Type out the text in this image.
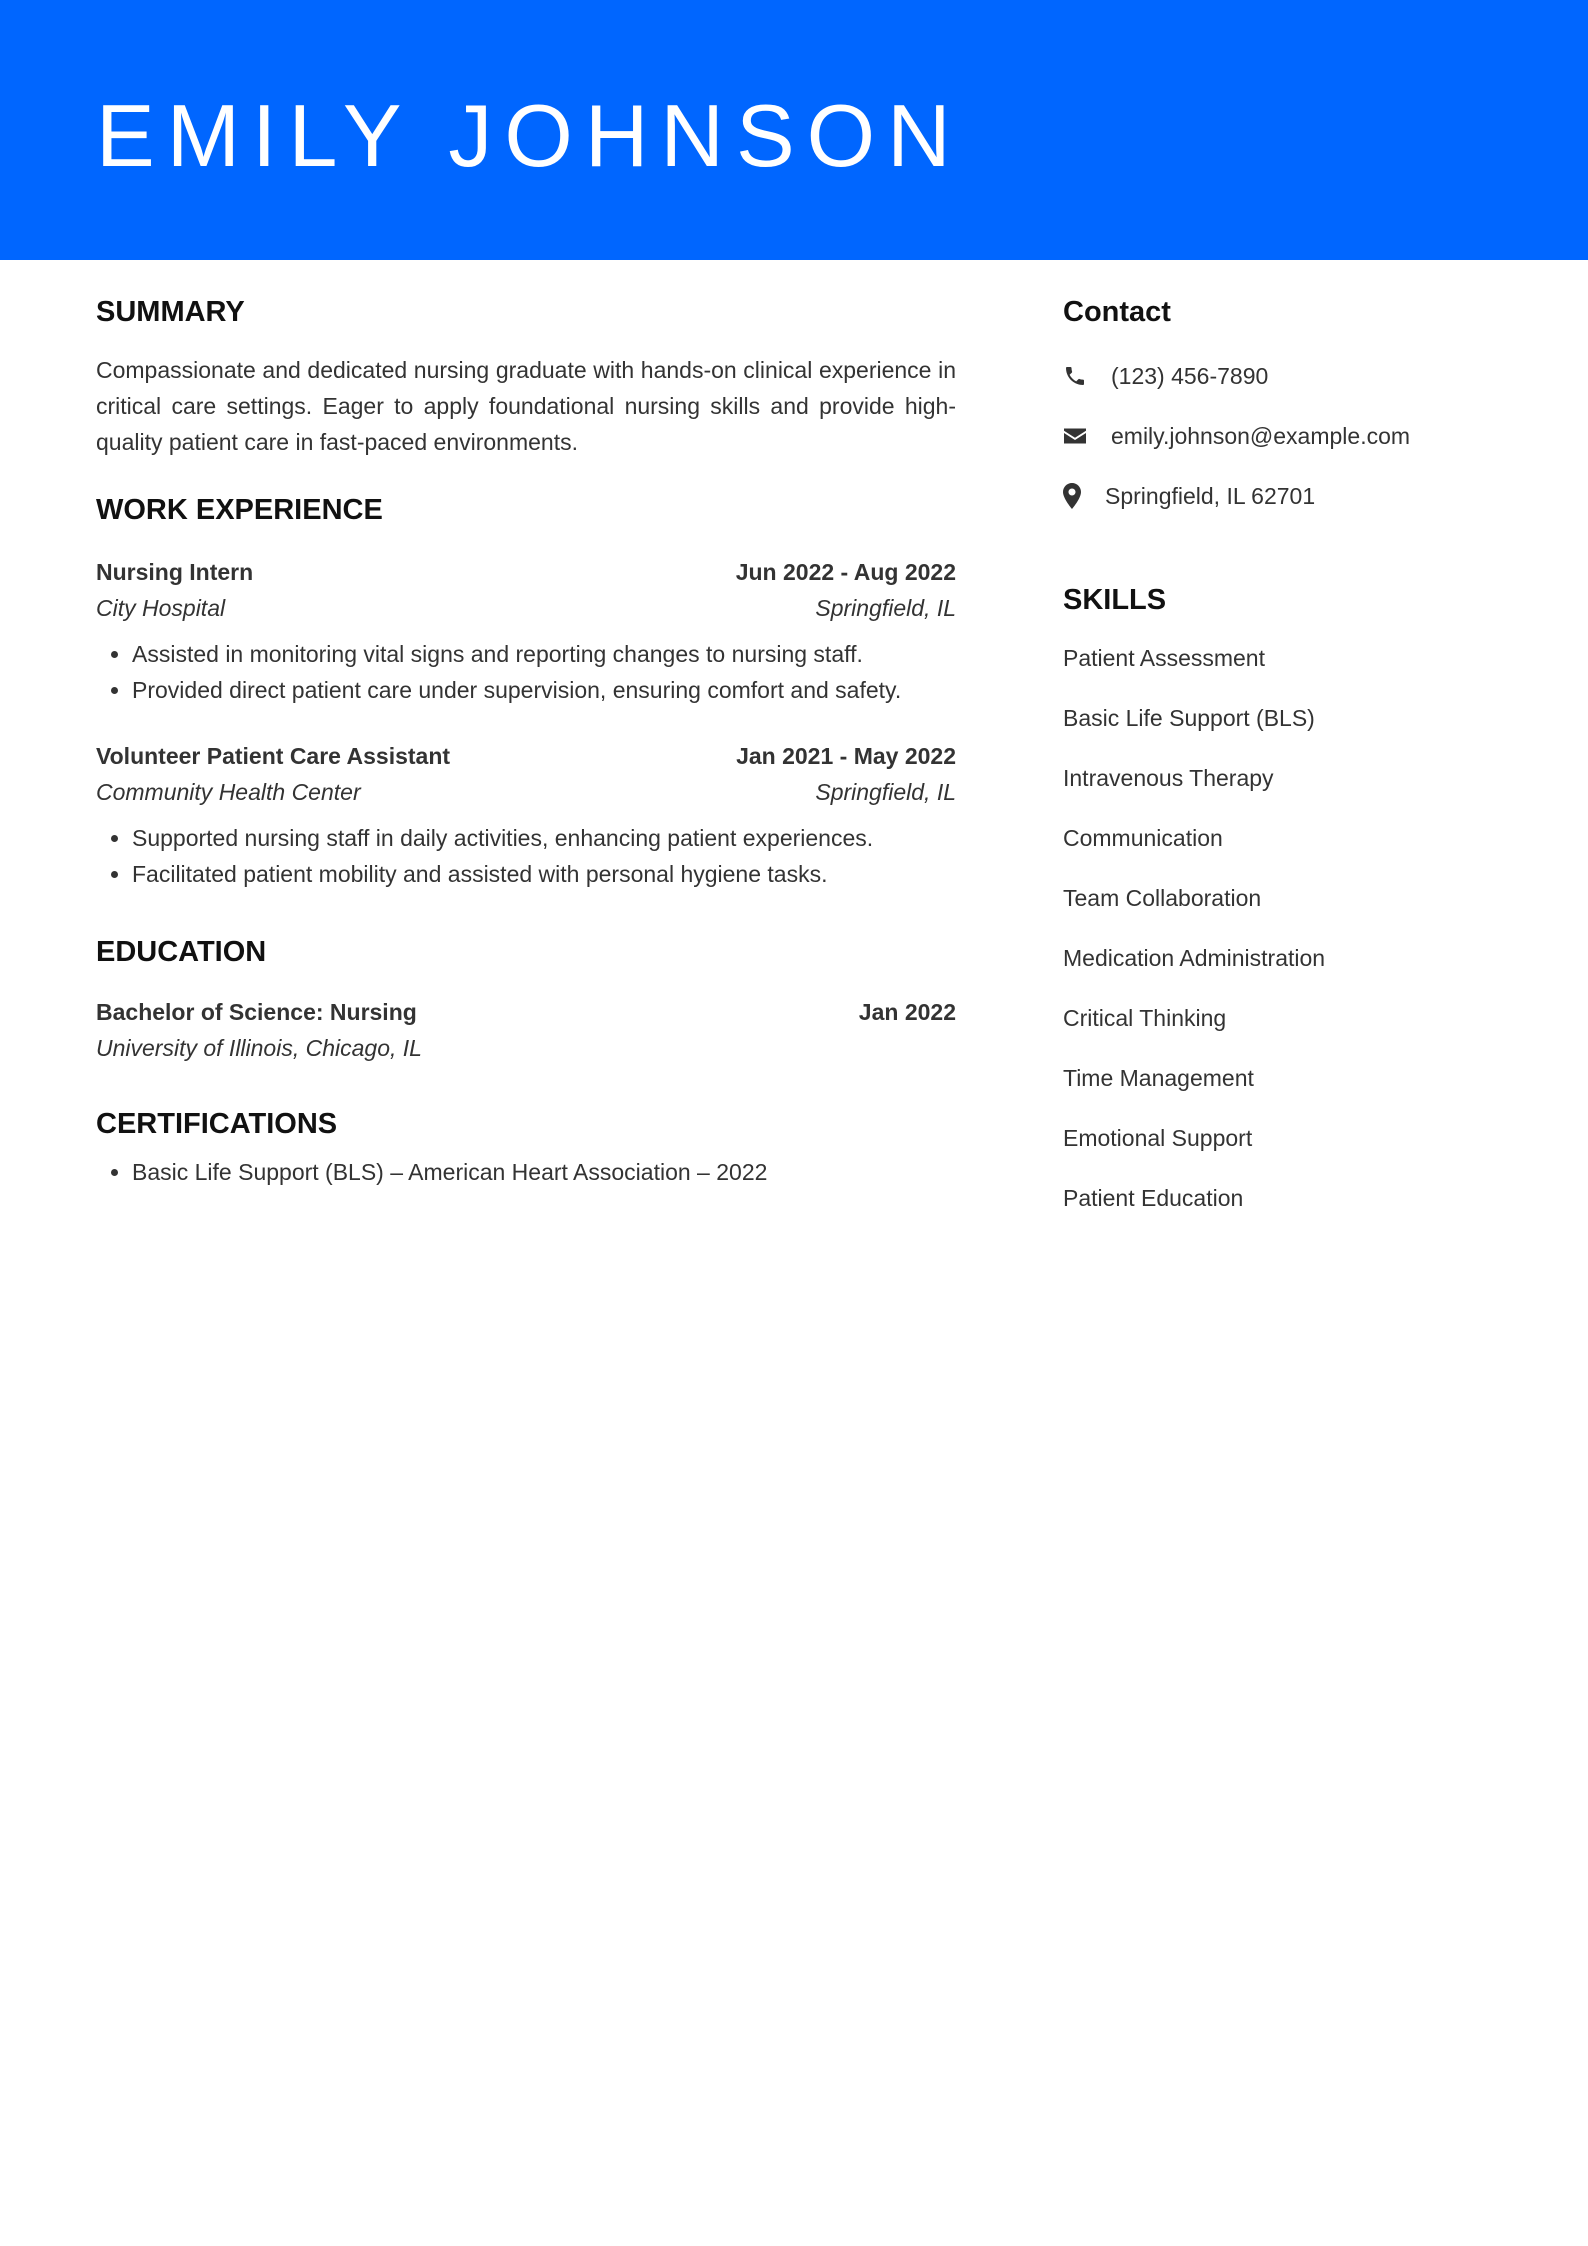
EMILY JOHNSON
SUMMARY

Compassionate and dedicated nursing graduate with hands-on clinical experience in critical care settings. Eager to apply foundational nursing skills and provide high-quality patient care in fast-paced environments.

WORK EXPERIENCE
Nursing Intern	Jun 2022 - Aug 2022
City Hospital	Springfield, IL
• Assisted in monitoring vital signs and reporting changes to nursing staff.
• Provided direct patient care under supervision, ensuring comfort and safety.
Volunteer Patient Care Assistant	Jan 2021 - May 2022
Community Health Center	Springfield, IL
• Supported nursing staff in daily activities, enhancing patient experiences.
• Facilitated patient mobility and assisted with personal hygiene tasks.
EDUCATION
Bachelor of Science: Nursing	Jan 2022
University of Illinois, Chicago, IL
CERTIFICATIONS
• Basic Life Support (BLS) – American Heart Association – 2022
Contact
(123) 456-7890
emily.johnson@example.com
Springfield, IL 62701
SKILLS
Patient Assessment
Basic Life Support (BLS)
Intravenous Therapy
Communication
Team Collaboration
Medication Administration
Critical Thinking
Time Management
Emotional Support
Patient Education
